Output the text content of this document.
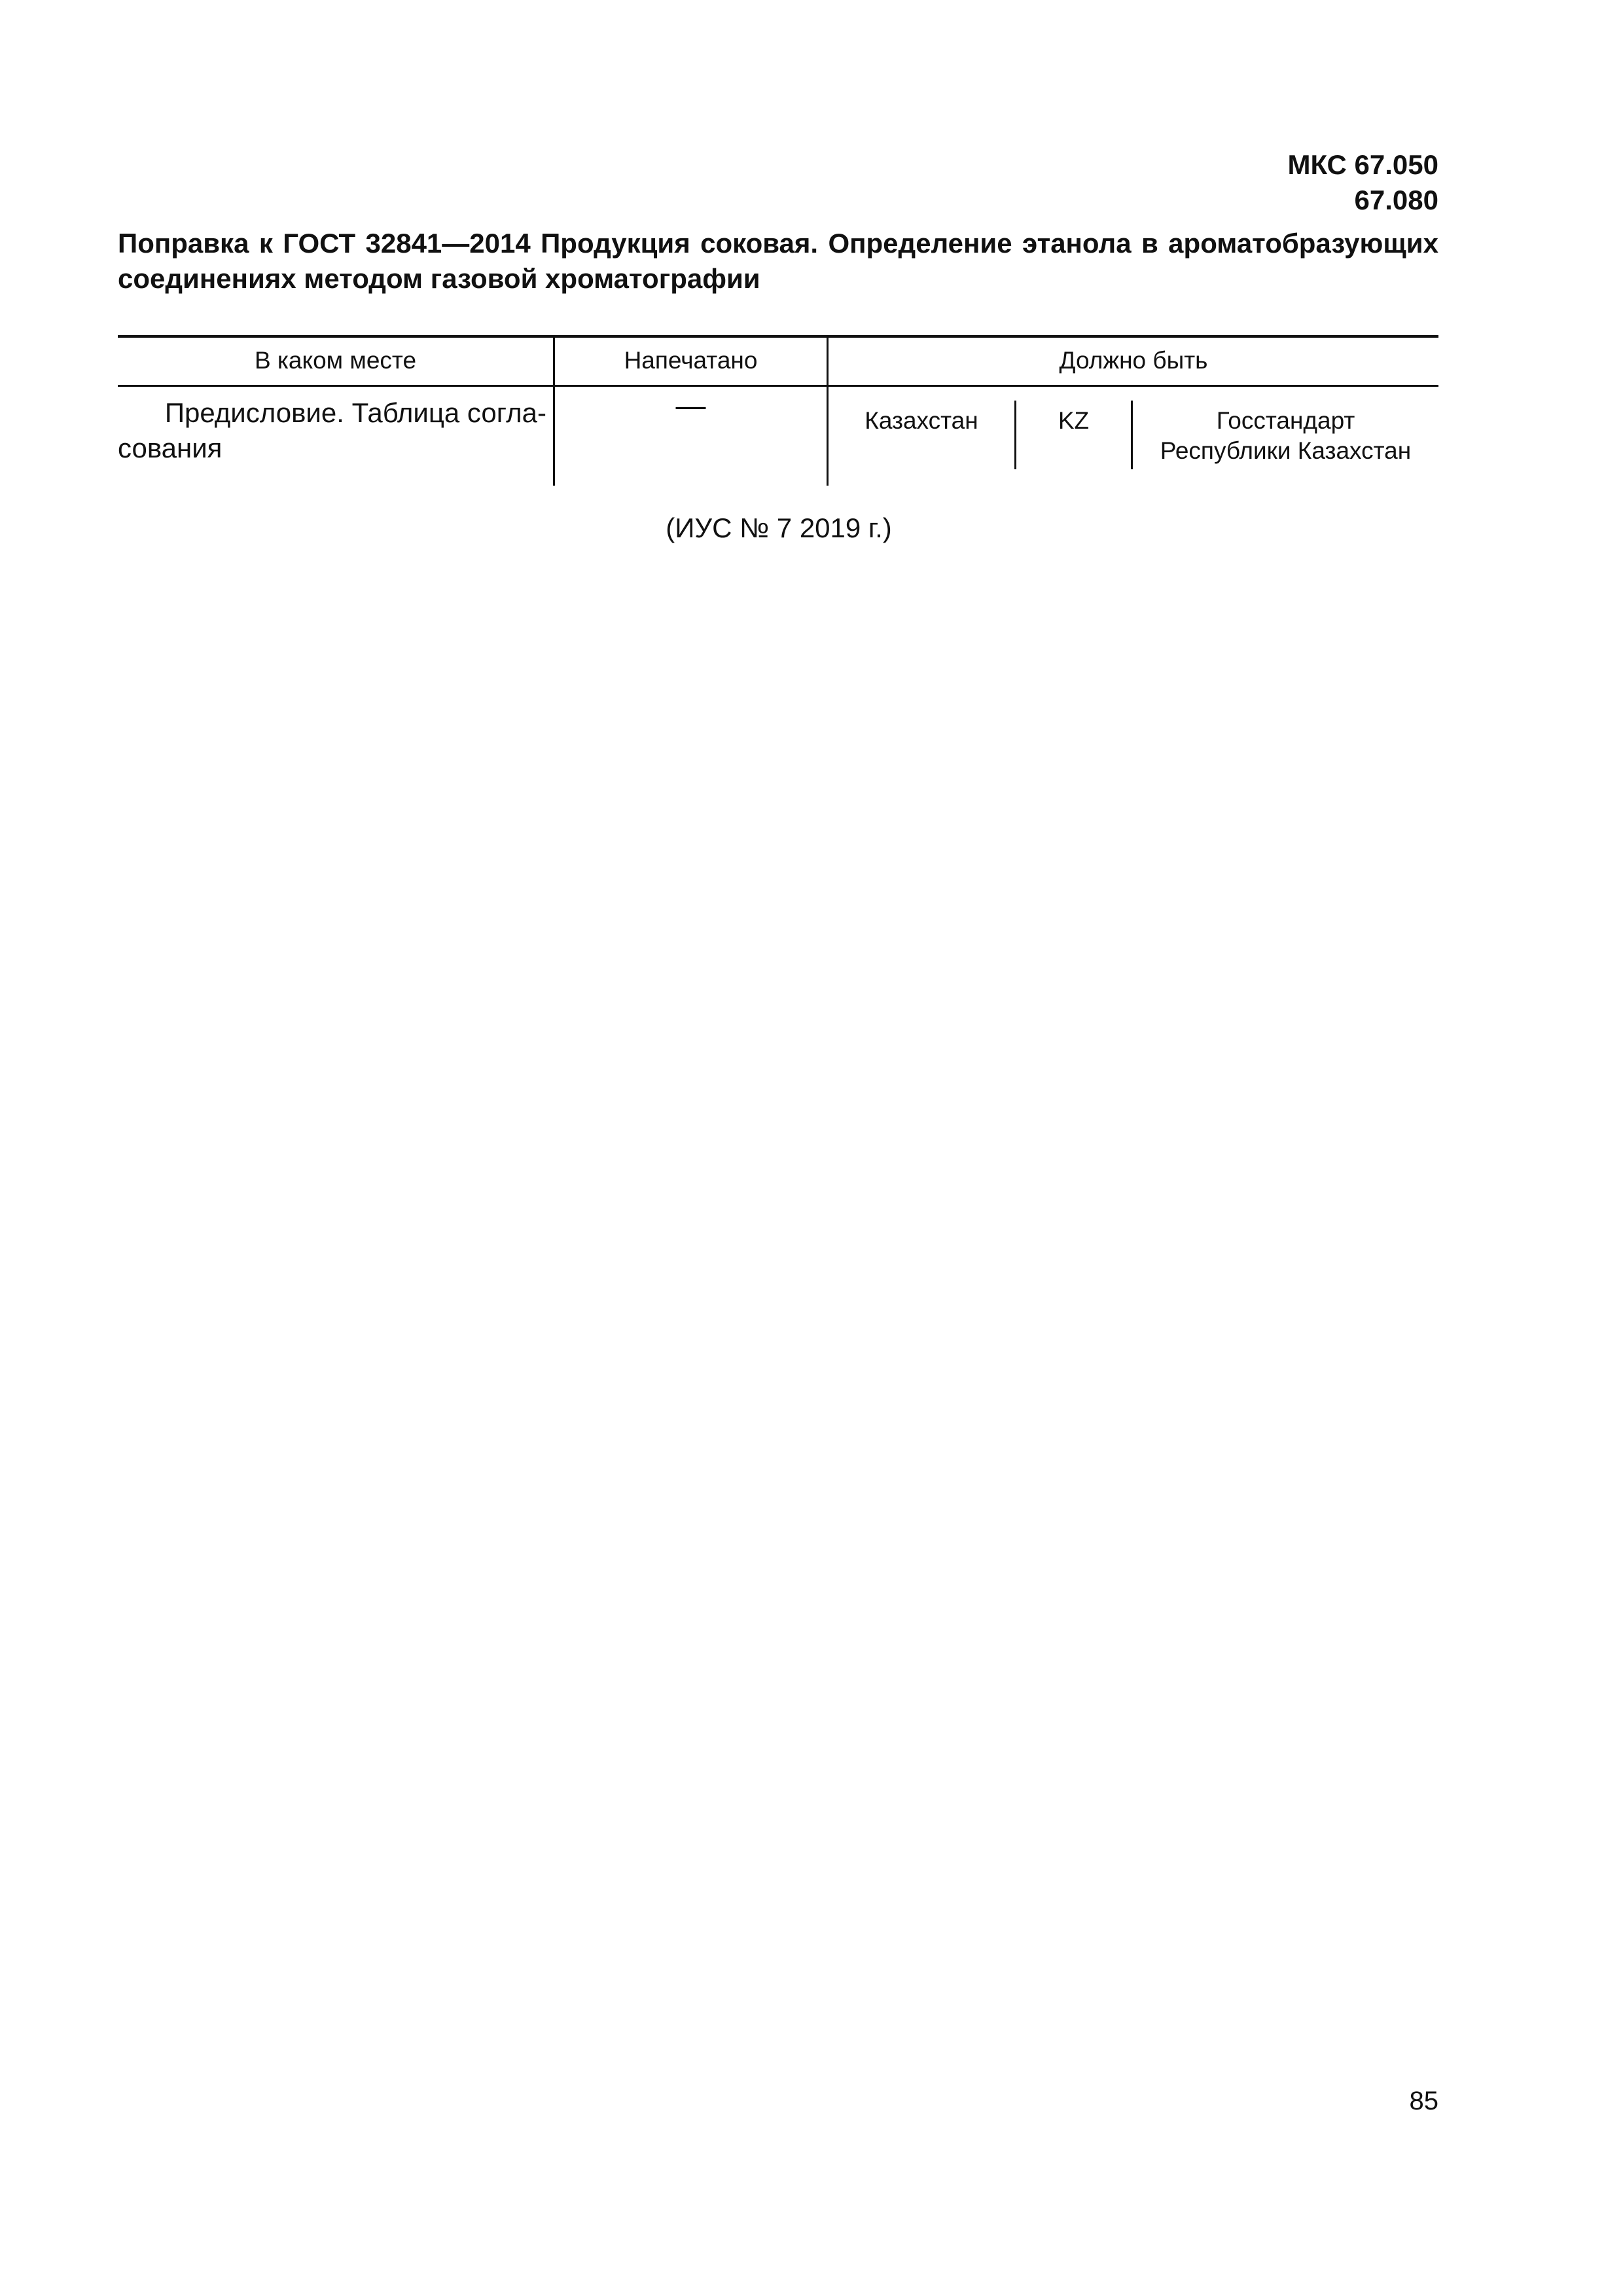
МКС 67.050
67.080
Поправка к ГОСТ 32841—2014 Продукция соковая. Определение этанола в ароматобразующих соединениях методом газовой хроматографии
В каком месте	Напечатано	Должно быть
Предисловие. Таблица согла-
сования
—	Казахстан	KZ	Госстандарт
Республики Казахстан
(ИУС № 7 2019 г.)
85
